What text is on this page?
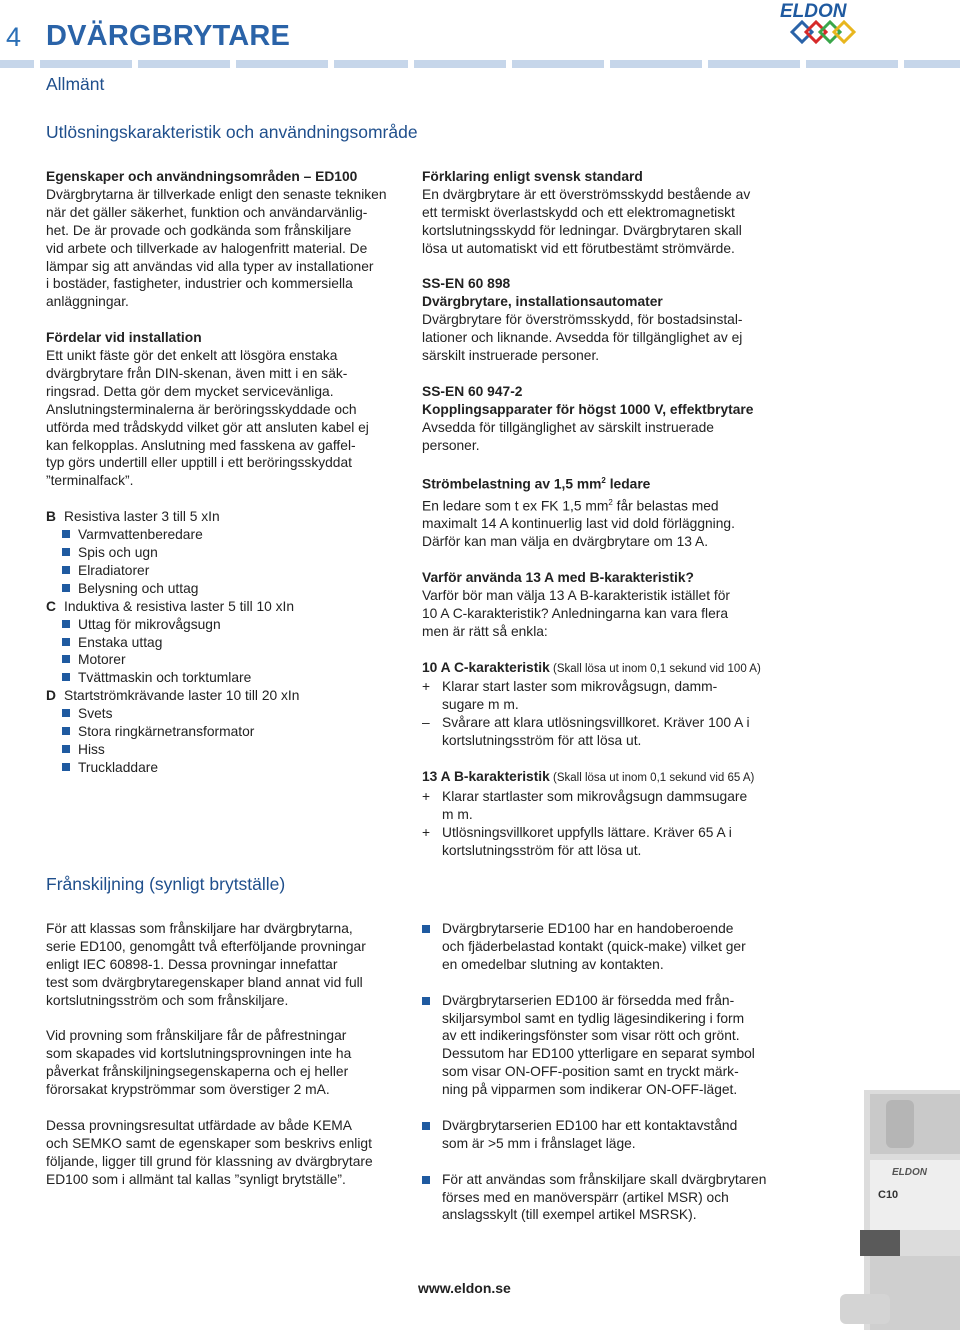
4 DVÄRGBRYTARE
ELDON
Allmänt
Utlösningskarakteristik och användningsområde

Egenskaper och användningsområden – ED100

Dvärgbrytarna är tillverkade enligt den senaste tekniken

när det gäller säkerhet, funktion och användarvänlig-

het. De är provade och godkända som frånskiljare

vid arbete och tillverkade av halogenfritt material. De

lämpar sig att användas vid alla typer av installationer

i bostäder, fastigheter, industrier och kommersiella

anläggningar.

Fördelar vid installation

Ett unikt fäste gör det enkelt att lösgöra enstaka

dvärgbrytare från DIN-skenan, även mitt i en säk-

ringsrad. Detta gör dem mycket servicevänliga.

Anslutningsterminalerna är beröringsskyddade och

utförda med trådskydd vilket gör att ansluten kabel ej

kan felkopplas. Anslutning med fasskena av gaffel-

typ görs undertill eller upptill i ett beröringsskyddat

”terminalfack”.

B Resistiva laster 3 till 5 xIn

Varmvattenberedare

Spis och ugn

Elradiatorer

Belysning och uttag

C Induktiva & resistiva laster 5 till 10 xIn

Uttag för mikrovågsugn

Enstaka uttag

Motorer

Tvättmaskin och torktumlare

D Startströmkrävande laster 10 till 20 xIn

Svets

Stora ringkärnetransformator

Hiss

Truckladdare

Förklaring enligt svensk standard

En dvärgbrytare är ett överströmsskydd bestående av

ett termiskt överlastskydd och ett elektromagnetiskt

kortslutningsskydd för ledningar. Dvärgbrytaren skall

lösa ut automatiskt vid ett förutbestämt strömvärde.

SS-EN 60 898

Dvärgbrytare, installationsautomater

Dvärgbrytare för överströmsskydd, för bostadsinstal-

lationer och liknande. Avsedda för tillgänglighet av ej

särskilt instruerade personer.

SS-EN 60 947-2

Kopplingsapparater för högst 1000 V, effektbrytare

Avsedda för tillgänglighet av särskilt instruerade

personer.

Strömbelastning av 1,5 $mm^2$ ledare

En ledare som t ex FK 1,5 $mm^2$ får belastas med

maximalt 14 A kontinuerlig last vid dold förläggning.

Därför kan man välja en dvärgbrytare om 13 A.

Varför använda 13 A med B-karakteristik?

Varför bör man välja 13 A B-karakteristik istället för

10 A C-karakteristik? Anledningarna kan vara flera

men är rätt så enkla:

10 A C-karakteristik (Skall lösa ut inom 0,1 sekund vid 100 A)

+ Klarar start laster som mikrovågsugn, damm-

sugare m m.

– Svårare att klara utlösningsvillkoret. Kräver 100 A i

kortslutningsström för att lösa ut.

13 A B-karakteristik (Skall lösa ut inom 0,1 sekund vid 65 A)

+ Klarar startlaster som mikrovågsugn dammsugare

m m.

+ Utlösningsvillkoret uppfylls lättare. Kräver 65 A i

kortslutningsström för att lösa ut.

Frånskiljning (synligt brytställe)

För att klassas som frånskiljare har dvärgbrytarna,

serie ED100, genomgått två efterföljande provningar

enligt IEC 60898-1. Dessa provningar innefattar

test som dvärgbrytaregenskaper bland annat vid full

kortslutningsström och som frånskiljare.

Vid provning som frånskiljare får de påfrestningar

som skapades vid kortslutningsprovningen inte ha

påverkat frånskiljningsegenskaperna och ej heller

förorsakat krypströmmar som överstiger 2 mA.

Dessa provningsresultat utfärdade av både KEMA

och SEMKO samt de egenskaper som beskrivs enligt

följande, ligger till grund för klassning av dvärgbrytare

ED100 som i allmänt tal kallas ”synligt brytställe”.	ELDON
C10

Dvärgbrytarserie ED100 har en handoberoende

och fjäderbelastad kontakt (quick-make) vilket ger

en omedelbar slutning av kontakten.

Dvärgbrytarserien ED100 är försedda med från-

skiljarsymbol samt en tydlig lägesindikering i form

av ett indikeringsfönster som visar rött och grönt.

Dessutom har ED100 ytterligare en separat symbol

som visar ON-OFF-position samt en tryckt märk-

ning på vipparmen som indikerar ON-OFF-läget.

Dvärgbrytarserien ED100 har ett kontaktavstånd

som är >5 mm i frånslaget läge.

För att användas som frånskiljare skall dvärgbrytaren

förses med en manöverspärr (artikel MSR) och

anslagsskylt (till exempel artikel MSRSK).

www.eldon.se
